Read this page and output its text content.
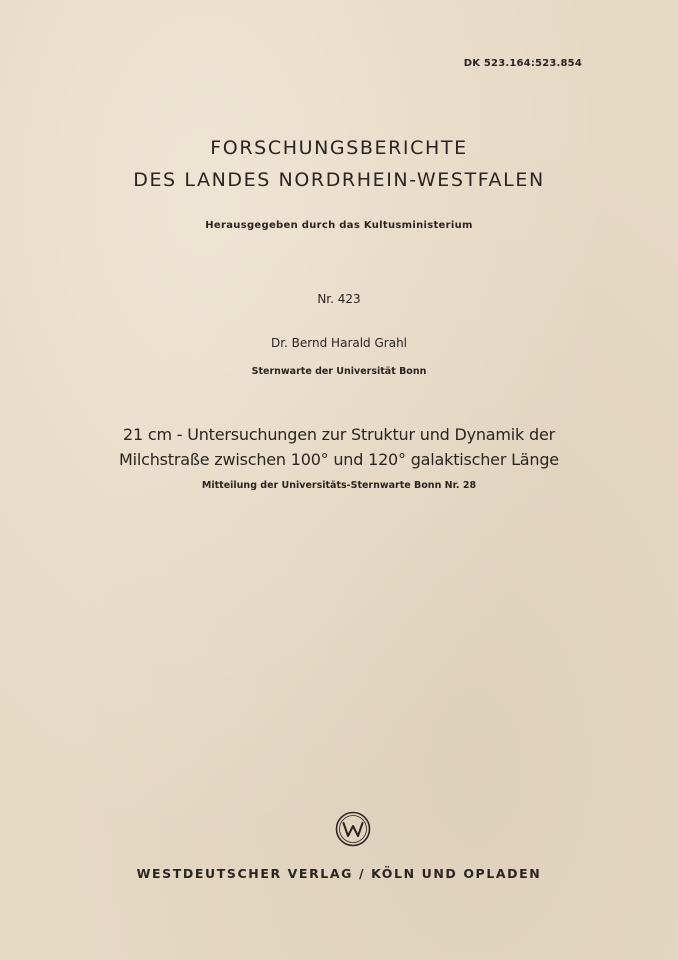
DK 523.164:523.854
FORSCHUNGSBERICHTE
DES LANDES NORDRHEIN-WESTFALEN
Herausgegeben durch das Kultusministerium
Nr. 423
Dr. Bernd Harald Grahl
Sternwarte der Universität Bonn
21 cm - Untersuchungen zur Struktur und Dynamik der
Milchstraße zwischen 100° und 120° galaktischer Länge
Mitteilung der Universitäts-Sternwarte Bonn Nr. 28
WESTDEUTSCHER VERLAG / KÖLN UND OPLADEN
